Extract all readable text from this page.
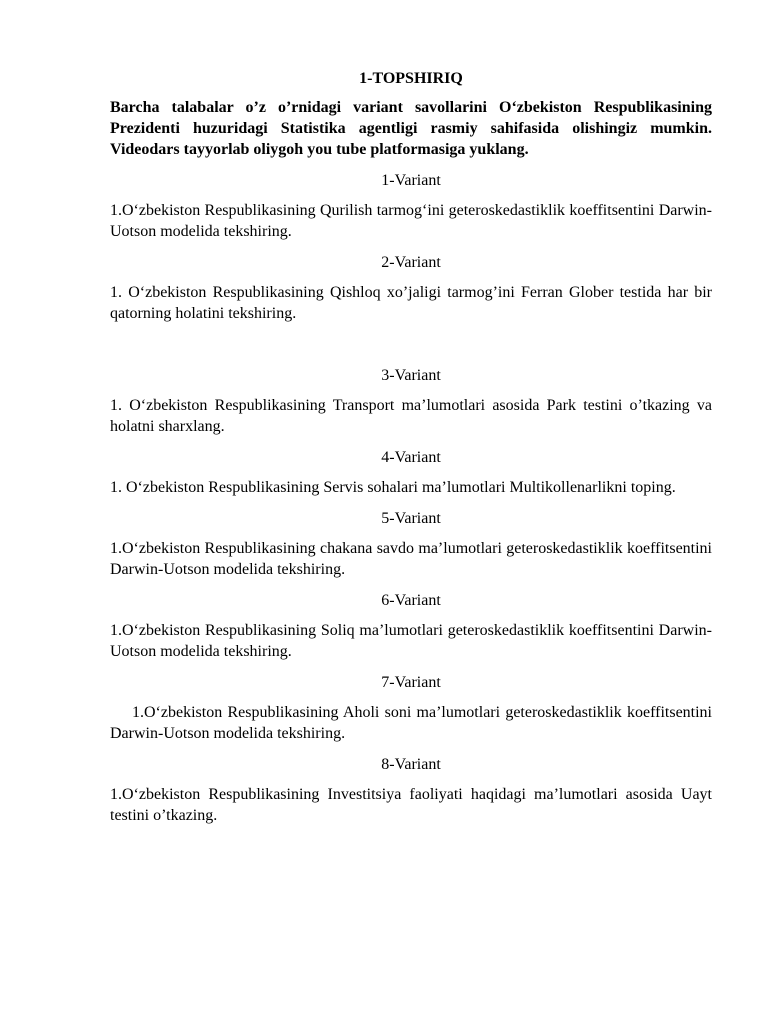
1-TOPSHIRIQ
Barcha talabalar o’z o’rnidagi variant savollarini O‘zbekiston Respublikasining Prezidenti huzuridagi Statistika agentligi rasmiy sahifasida olishingiz mumkin. Videodars tayyorlab oliygoh you tube platformasiga yuklang.
1-Variant
1.O‘zbekiston Respublikasining Qurilish tarmog‘ini geteroskedastiklik koeffitsentini Darwin-Uotson modelida tekshiring.
2-Variant
1. O‘zbekiston Respublikasining Qishloq xo’jaligi tarmog’ini Ferran Glober testida har bir qatorning holatini tekshiring.
3-Variant
1. O‘zbekiston Respublikasining Transport ma’lumotlari asosida Park testini o’tkazing va holatni sharxlang.
4-Variant
1. O‘zbekiston Respublikasining Servis sohalari ma’lumotlari Multikollenarlikni toping.
5-Variant
1.O‘zbekiston Respublikasining chakana savdo ma’lumotlari geteroskedastiklik koeffitsentini Darwin-Uotson modelida tekshiring.
6-Variant
1.O‘zbekiston Respublikasining Soliq ma’lumotlari geteroskedastiklik koeffitsentini Darwin-Uotson modelida tekshiring.
7-Variant
1.O‘zbekiston Respublikasining Aholi soni ma’lumotlari geteroskedastiklik koeffitsentini Darwin-Uotson modelida tekshiring.
8-Variant
1.O‘zbekiston Respublikasining Investitsiya faoliyati haqidagi ma’lumotlari asosida Uayt testini o’tkazing.
